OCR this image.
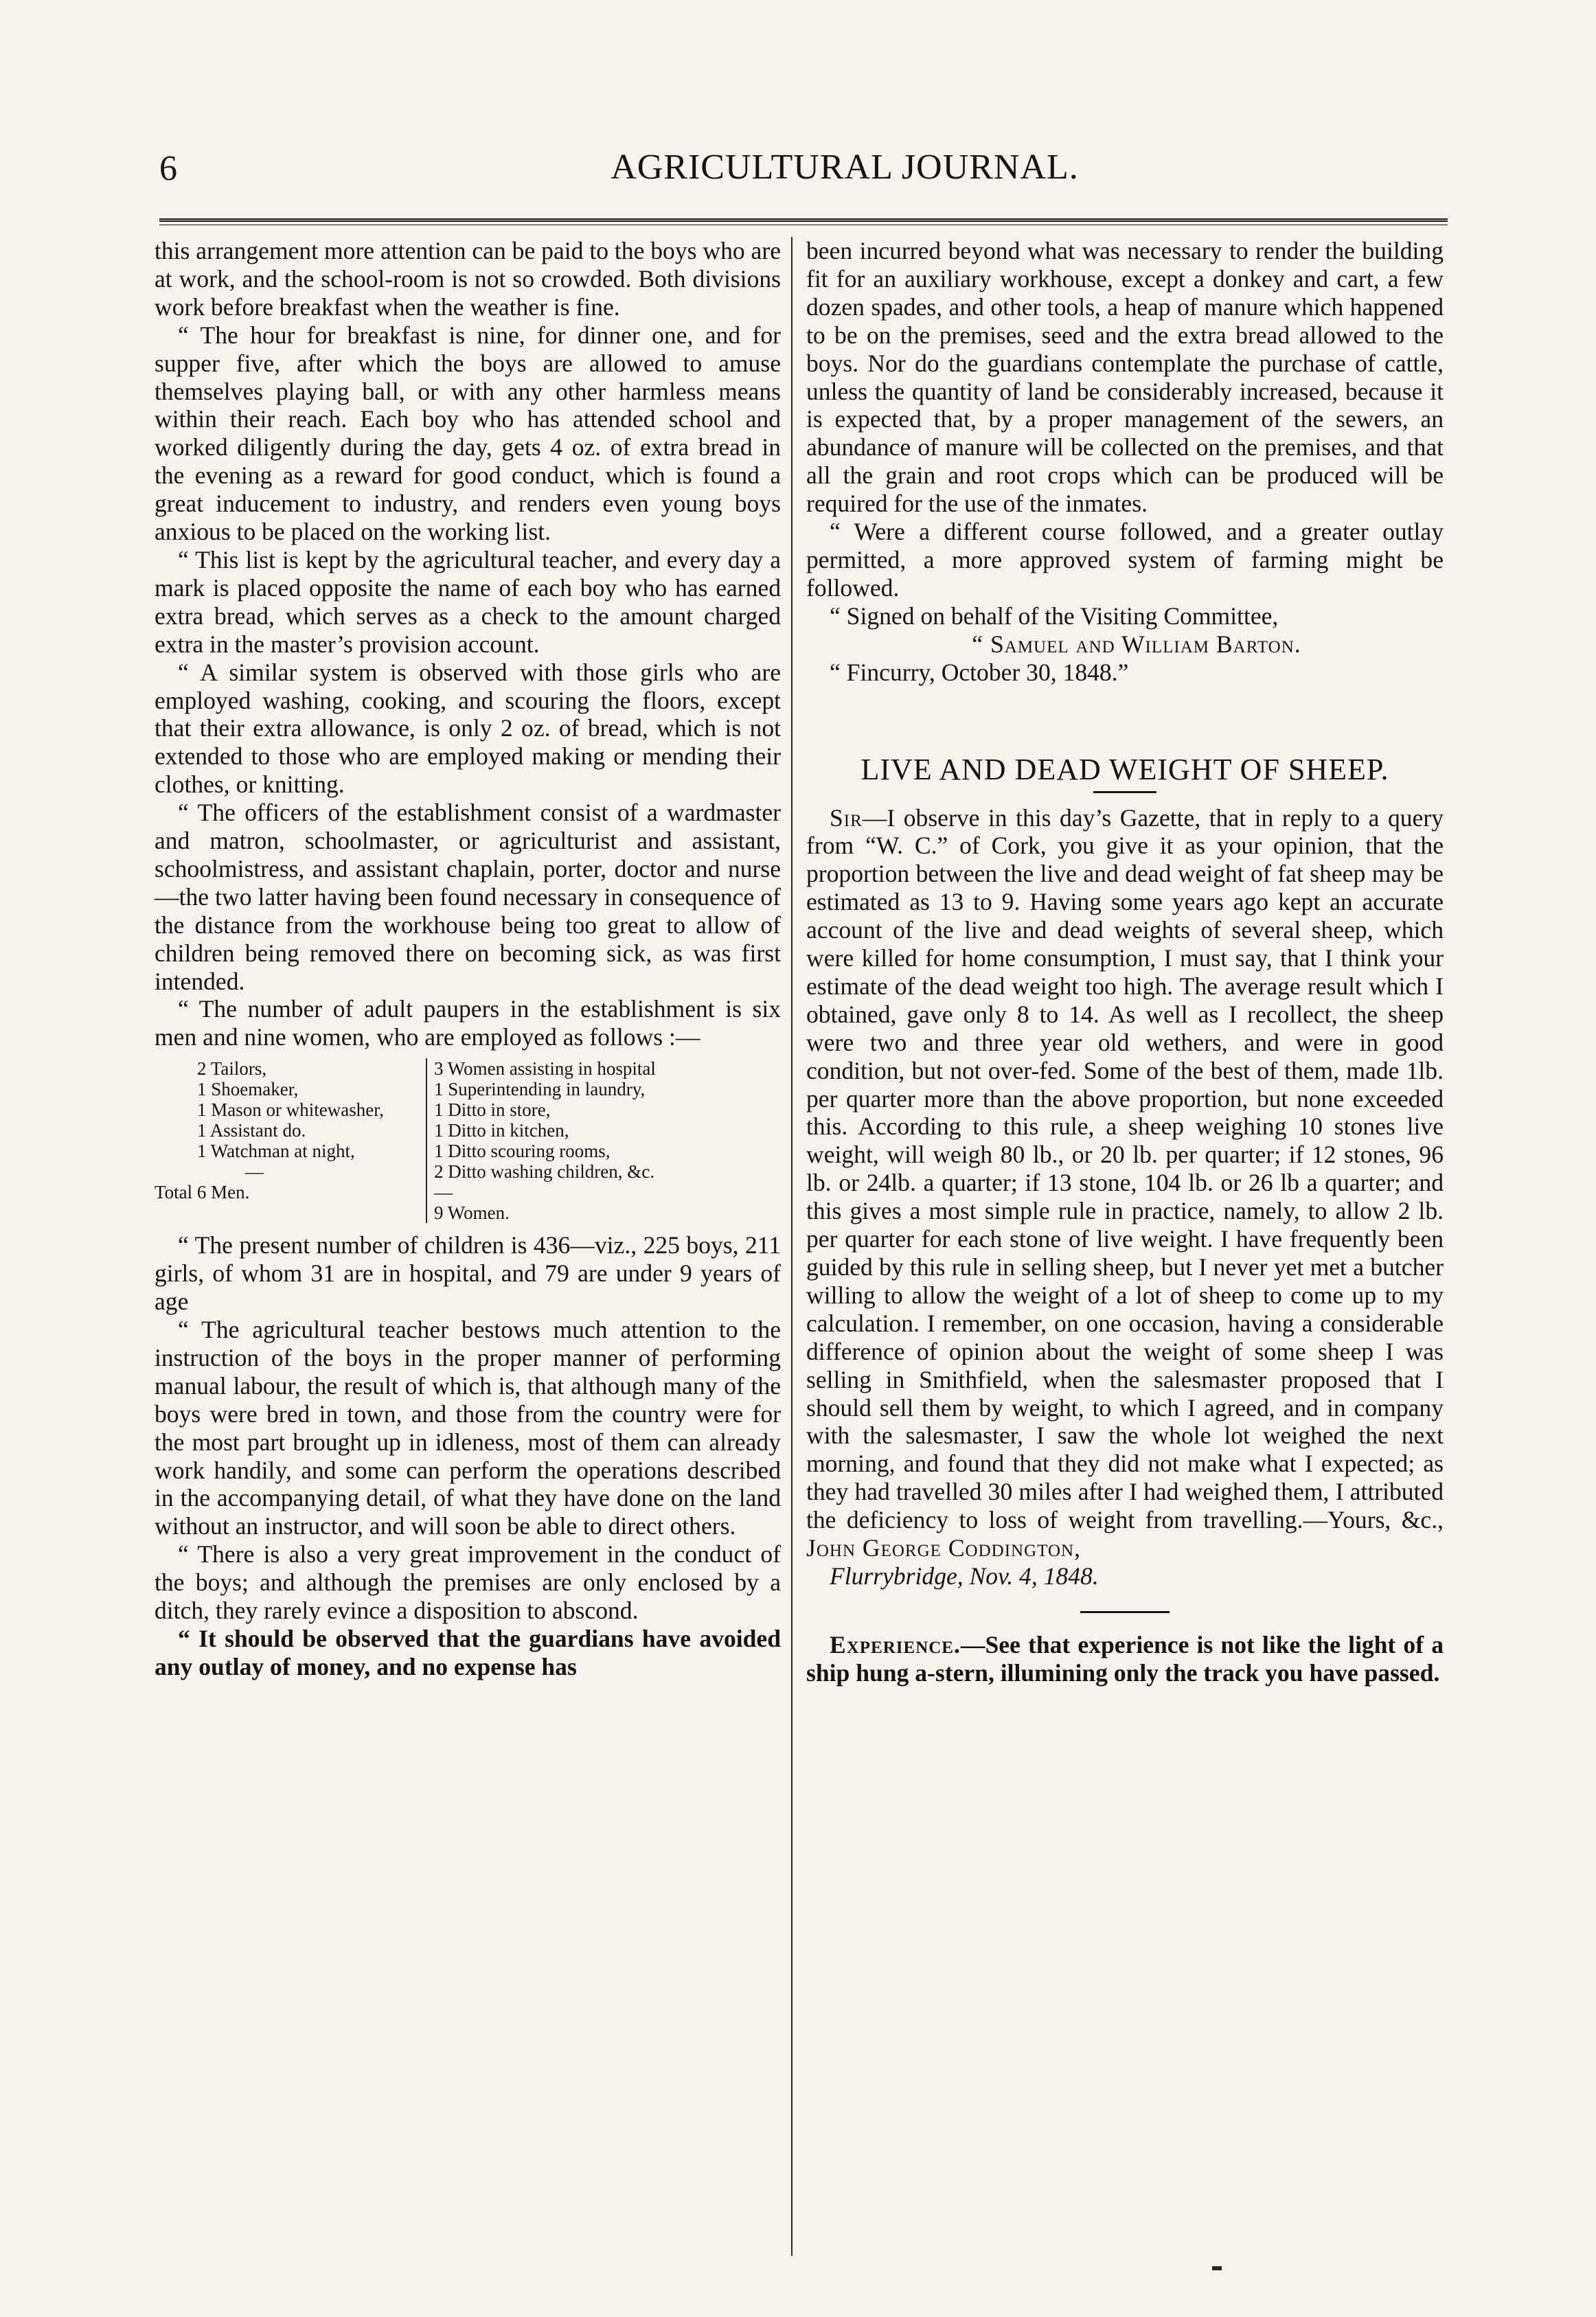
6	AGRICULTURAL JOURNAL.

this arrangement more attention can be paid to the boys who are at work, and the school-room is not so crowded. Both divisions work before breakfast when the weather is fine.

“ The hour for breakfast is nine, for dinner one, and for supper five, after which the boys are allowed to amuse themselves playing ball, or with any other harmless means within their reach. Each boy who has attended school and worked diligently during the day, gets 4 oz. of extra bread in the evening as a reward for good conduct, which is found a great inducement to industry, and renders even young boys anxious to be placed on the working list.

“ This list is kept by the agricultural teacher, and every day a mark is placed opposite the name of each boy who has earned extra bread, which serves as a check to the amount charged extra in the master’s provision account.

“ A similar system is observed with those girls who are employed washing, cooking, and scouring the floors, except that their extra allowance, is only 2 oz. of bread, which is not extended to those who are employed making or mending their clothes, or knitting.

“ The officers of the establishment consist of a wardmaster and matron, schoolmaster, or agriculturist and assistant, schoolmistress, and assistant chaplain, porter, doctor and nurse—the two latter having been found necessary in consequence of the distance from the workhouse being too great to allow of children being removed there on becoming sick, as was first intended.

“ The number of adult paupers in the establishment is six men and nine women, who are employed as follows :—

2 Tailors,
1 Shoemaker,
1 Mason or whitewasher,
1 Assistant do.
1 Watchman at night,
—
Total 6 Men.
3 Women assisting in hospital
1 Superintending in laundry,
1 Ditto in store,
1 Ditto in kitchen,
1 Ditto scouring rooms,
2 Ditto washing children, &c.
—
9 Women.

“ The present number of children is 436—viz., 225 boys, 211 girls, of whom 31 are in hospital, and 79 are under 9 years of age

“ The agricultural teacher bestows much attention to the instruction of the boys in the proper manner of performing manual labour, the result of which is, that although many of the boys were bred in town, and those from the country were for the most part brought up in idleness, most of them can already work handily, and some can perform the operations described in the accompanying detail, of what they have done on the land without an instructor, and will soon be able to direct others.

“ There is also a very great improvement in the conduct of the boys; and although the premises are only enclosed by a ditch, they rarely evince a disposition to abscond.

“ It should be observed that the guardians have avoided any outlay of money, and no expense has

been incurred beyond what was necessary to render the building fit for an auxiliary workhouse, except a donkey and cart, a few dozen spades, and other tools, a heap of manure which happened to be on the premises, seed and the extra bread allowed to the boys. Nor do the guardians contemplate the purchase of cattle, unless the quantity of land be considerably increased, because it is expected that, by a proper management of the sewers, an abundance of manure will be collected on the premises, and that all the grain and root crops which can be produced will be required for the use of the inmates.

“ Were a different course followed, and a greater outlay permitted, a more approved system of farming might be followed.

“ Signed on behalf of the Visiting Committee,

“ Samuel and William Barton.

“ Fincurry, October 30, 1848.”

LIVE AND DEAD WEIGHT OF SHEEP.

Sir—I observe in this day’s Gazette, that in reply to a query from “W. C.” of Cork, you give it as your opinion, that the proportion between the live and dead weight of fat sheep may be estimated as 13 to 9. Having some years ago kept an accurate account of the live and dead weights of several sheep, which were killed for home consumption, I must say, that I think your estimate of the dead weight too high. The average result which I obtained, gave only 8 to 14. As well as I recollect, the sheep were two and three year old wethers, and were in good condition, but not over-fed. Some of the best of them, made 1lb. per quarter more than the above proportion, but none exceeded this. According to this rule, a sheep weighing 10 stones live weight, will weigh 80 lb., or 20 lb. per quarter; if 12 stones, 96 lb. or 24lb. a quarter; if 13 stone, 104 lb. or 26 lb a quarter; and this gives a most simple rule in practice, namely, to allow 2 lb. per quarter for each stone of live weight. I have frequently been guided by this rule in selling sheep, but I never yet met a butcher willing to allow the weight of a lot of sheep to come up to my calculation. I remember, on one occasion, having a considerable difference of opinion about the weight of some sheep I was selling in Smithfield, when the salesmaster proposed that I should sell them by weight, to which I agreed, and in company with the salesmaster, I saw the whole lot weighed the next morning, and found that they did not make what I expected; as they had travelled 30 miles after I had weighed them, I attributed the deficiency to loss of weight from travelling.—Yours, &c., John George Coddington,

Flurrybridge, Nov. 4, 1848.

Experience.—See that experience is not like the light of a ship hung a-stern, illumining only the track you have passed.
